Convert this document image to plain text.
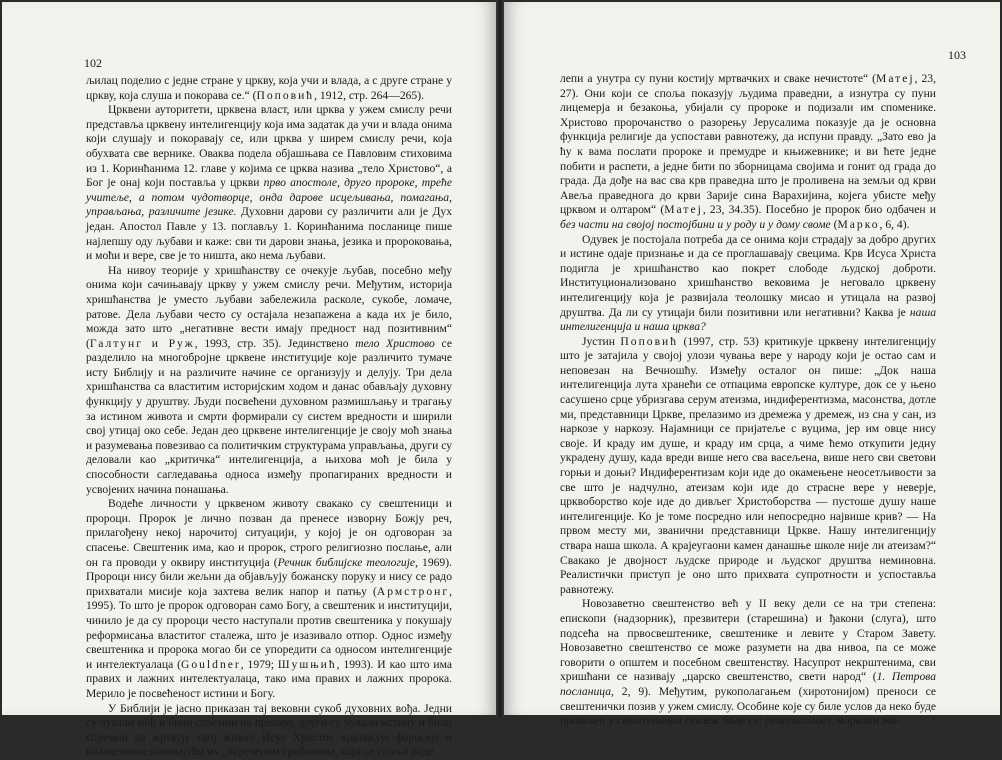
102

љилац поделио с једне стране у цркву, која учи и влада, а с друге стране у цркву, која слуша и покорава се.“ (Поповић, 1912, стр. 264—265).

Црквени ауторитети, црквена власт, или црква у ужем смислу речи представља црквену интелигенцију која има задатак да учи и влада онима који слушају и покоравају се, или црква у ширем смислу речи, која обухвата све вернике. Оваква подела објашњава се Павловим стиховима из 1. Коринћанима 12. главе у којима се црква назива „тело Христово“, а Бог је онај који поставља у цркви прво апостоле, друго пророке, треће учитеље, а потом чудотворце, онда дарове исцељивања, помагања, управљања, различите језике. Духовни дарови су различити али је Дух један. Апостол Павле у 13. поглављу 1. Коринћанима посланице пише најлепшу оду љубави и каже: сви ти дарови знања, језика и пророковања, и моћи и вере, све је то ништа, ако нема љубави.

На нивоу теорије у хришћанству се очекује љубав, посебно међу онима који сачињавају цркву у ужем смислу речи. Међутим, историја хришћанства је уместо љубави забележила расколе, сукобе, ломаче, ратове. Дела љубави често су остајала незапажена а када их је било, можда зато што „негативне вести имају предност над позитивним“ (Галтунг и Руж, 1993, стр. 35). Јединствено тело Христово се разделило на многобројне црквене институције које различито тумаче исту Библију и на различите начине се организују и делују. Три дела хришћанства са властитим историјским ходом и данас обављају духовну функцију у друштву. Људи посвећени духовном размишљању и трагању за истином живота и смрти формирали су систем вредности и ширили свој утицај око себе. Један део црквене интелигенције је своју моћ знања и разумевања повезивао са политичким структурама управљања, други су деловали као „критичка“ интелигенција, а њихова моћ је била у способности сагледавања односа између пропагираних вредности и усвојених начина понашања.

Водеће личности у црквеном животу свакако су свештеници и пророци. Пророк је лично позван да пренесе изворну Божју реч, прилагођену некој нарочитој ситуацији, у којој је он одговоран за спасење. Свештеник има, као и пророк, строго религиозно послање, али он га проводи у оквиру институција (Речник библијске теологије, 1969). Пророци нису били жељни да објављују божанску поруку и нису се радо прихватали мисије која захтева велик напор и патњу (Армстронг, 1995). То што је пророк одговоран само Богу, а свештеник и институцији, чинило је да су пророци често наступали против свештеника у покушају реформисања властитог сталежа, што је изазивало отпор. Однос између свештеника и пророка могао би се упоредити са односом интелигенције и интелектуалаца (Gouldner, 1979; Шушњић, 1993). И као што има правих и лажних интелектуалаца, тако има правих и лажних пророка. Мерило је посвећеност истини и Богу.

У Библији је јасно приказан тај вековни сукоб духовних вођа. Једни су чували моћ и били спремни на превару, други су чували истину и били спремни да жртвују свој живот. Исус Христос критикује фарисеје и књижевнике називајући их „окреченим гробовима, који се споља виде

103

лепи а унутра су пуни костију мртвачких и сваке нечистоте“ (Матеј, 23, 27). Они који се споља показују људима праведни, а изнутра су пуни лицемерја и безакоња, убијали су пророке и подизали им споменике. Христово пророчанство о разорењу Јерусалима показује да је основна функција религије да успостави равнотежу, да испуни правду. „Зато ево ја ћу к вама послати пророке и премудре и књижевнике; и ви ћете једне побити и распети, а једне бити по зборницама својима и гонит од града до града. Да дође на вас сва крв праведна што је проливена на земљи од крви Авеља праведнога до крви Зарије сина Варахијина, којега убисте међу црквом и олтаром“ (Матеј, 23, 34.35). Посебно је пророк био одбачен и без части на својој постојбини и у роду и у дому своме (Марко, 6, 4).

Одувек је постојала потреба да се онима који страдају за добро других и истине одаје признање и да се проглашавају свецима. Крв Исуса Христа подигла је хришћанство као покрет слободе људској доброти. Институционализовано хришћанство вековима је неговало црквену интелигенцију која је развијала теолошку мисао и утицала на развој друштва. Да ли су утицаји били позитивни или негативни? Каква је наша интелигенција и наша црква?

Јустин Поповић (1997, стр. 53) критикује црквену интелигенцију што је затајила у својој улози чувања вере у народу који је остао сам и неповезан на Вечношћу. Између осталог он пише: „Док наша интелигенција лута хранећи се отпацима европске културе, док се у њено сасушено срце убризгава серум атеизма, индиферентизма, масонства, дотле ми, представници Цркве, прелазимо из дремежа у дремеж, из сна у сан, из наркозе у наркозу. Најамници се пријатеље с вуцима, јер им овце нису своје. И краду им душе, и краду им срца, а чиме ћемо откупити једну украдену душу, када вреди више него сва васељена, више него сви светови горњи и доњи? Индиферентизам који иде до окамењене неосетљивости за све што је надчулно, атеизам који иде до страсне вере у неверје, црквоборство које иде до дивљег Христоборства — пустоше душу наше интелигенције. Ко је томе посредно или непосредно највише крив? — На првом месту ми, званични представници Цркве. Нашу интелигенцију ствара наша школа. А крајеугаони камен данашње школе није ли атеизам?“ Свакако је двојност људске природе и људског друштва неминовна. Реалистички приступ је оно што прихвата супротности и успоставља равнотежу.

Новозаветно свештенство већ у II веку дели се на три степена: епископи (надзорник), презвитери (старешина) и ђакони (слуга), што подсећа на првосвештенике, свештенике и левите у Старом Завету. Новозаветно свештенство се може разумети на два нивоа, па се може говорити о општем и посебном свештенству. Насупрот некрштенима, сви хришћани се називају „царско свештенство, свети народ“ (1. Петрова посланица, 2, 9). Међутим, рукополагањем (хиротонијом) преноси се свештенички позив у ужем смислу. Особине које су биле услов да неко буде примљен у свештенички сталеж биле су: религиозност, морални жи-
